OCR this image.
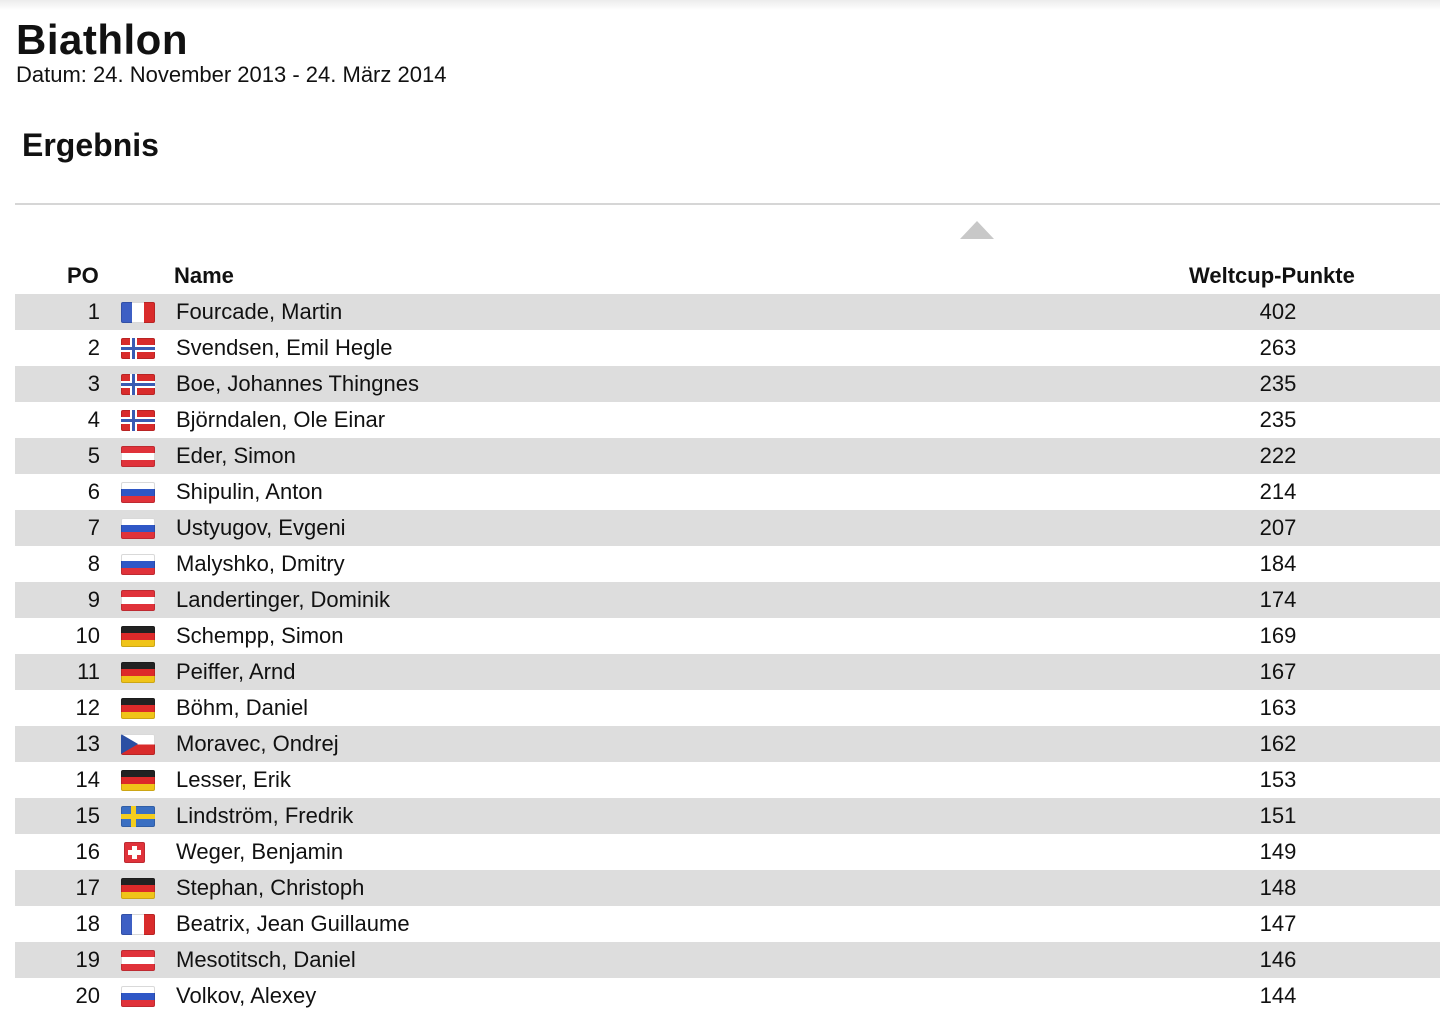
Biathlon
Datum: 24. November 2013 - 24. März 2014
Ergebnis
PO	Name	Weltcup-Punkte
1	Fourcade, Martin	402
2	Svendsen, Emil Hegle	263
3	Boe, Johannes Thingnes	235
4	Björndalen, Ole Einar	235
5	Eder, Simon	222
6	Shipulin, Anton	214
7	Ustyugov, Evgeni	207
8	Malyshko, Dmitry	184
9	Landertinger, Dominik	174
10	Schempp, Simon	169
11	Peiffer, Arnd	167
12	Böhm, Daniel	163
13	Moravec, Ondrej	162
14	Lesser, Erik	153
15	Lindström, Fredrik	151
16	Weger, Benjamin	149
17	Stephan, Christoph	148
18	Beatrix, Jean Guillaume	147
19	Mesotitsch, Daniel	146
20	Volkov, Alexey	144
